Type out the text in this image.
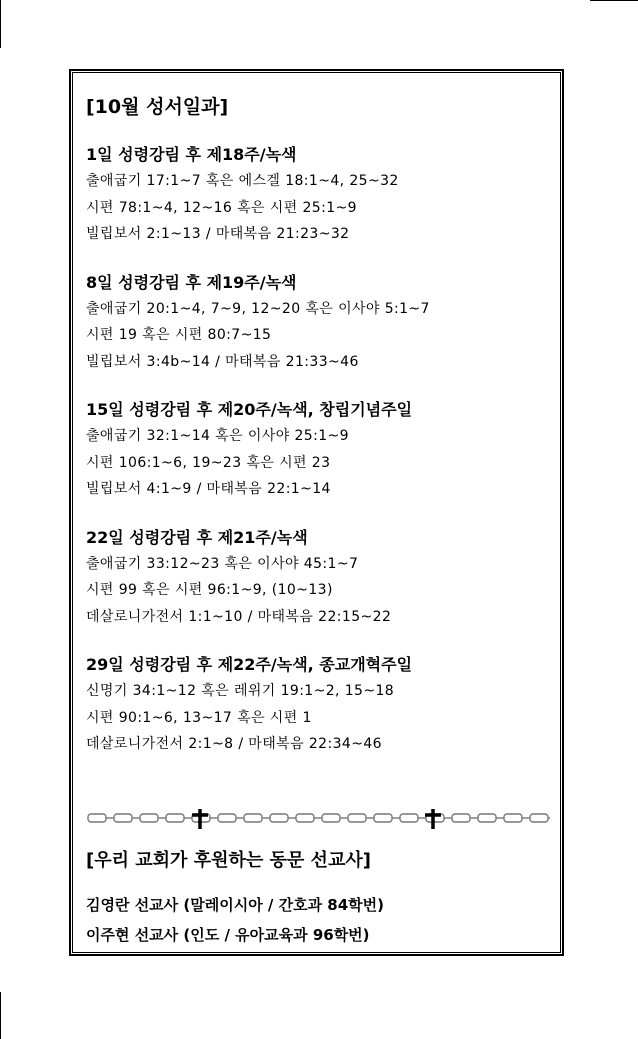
[10월 성서일과]
1일 성령강림 후 제18주/녹색
출애굽기 17:1~7 혹은 에스겔 18:1~4, 25~32
시편 78:1~4, 12~16 혹은 시편 25:1~9
빌립보서 2:1~13 / 마태복음 21:23~32
8일 성령강림 후 제19주/녹색
출애굽기 20:1~4, 7~9, 12~20 혹은 이사야 5:1~7
시편 19 혹은 시편 80:7~15
빌립보서 3:4b~14 / 마태복음 21:33~46
15일 성령강림 후 제20주/녹색, 창립기념주일
출애굽기 32:1~14 혹은 이사야 25:1~9
시편 106:1~6, 19~23 혹은 시편 23
빌립보서 4:1~9 / 마태복음 22:1~14
22일 성령강림 후 제21주/녹색
출애굽기 33:12~23 혹은 이사야 45:1~7
시편 99 혹은 시편 96:1~9, (10~13)
데살로니가전서 1:1~10 / 마태복음 22:15~22
29일 성령강림 후 제22주/녹색, 종교개혁주일
신명기 34:1~12 혹은 레위기 19:1~2, 15~18
시편 90:1~6, 13~17 혹은 시편 1
데살로니가전서 2:1~8 / 마태복음 22:34~46
[우리 교회가 후원하는 동문 선교사]
김영란 선교사 (말레이시아 / 간호과 84학번)
이주현 선교사 (인도 / 유아교육과 96학번)
